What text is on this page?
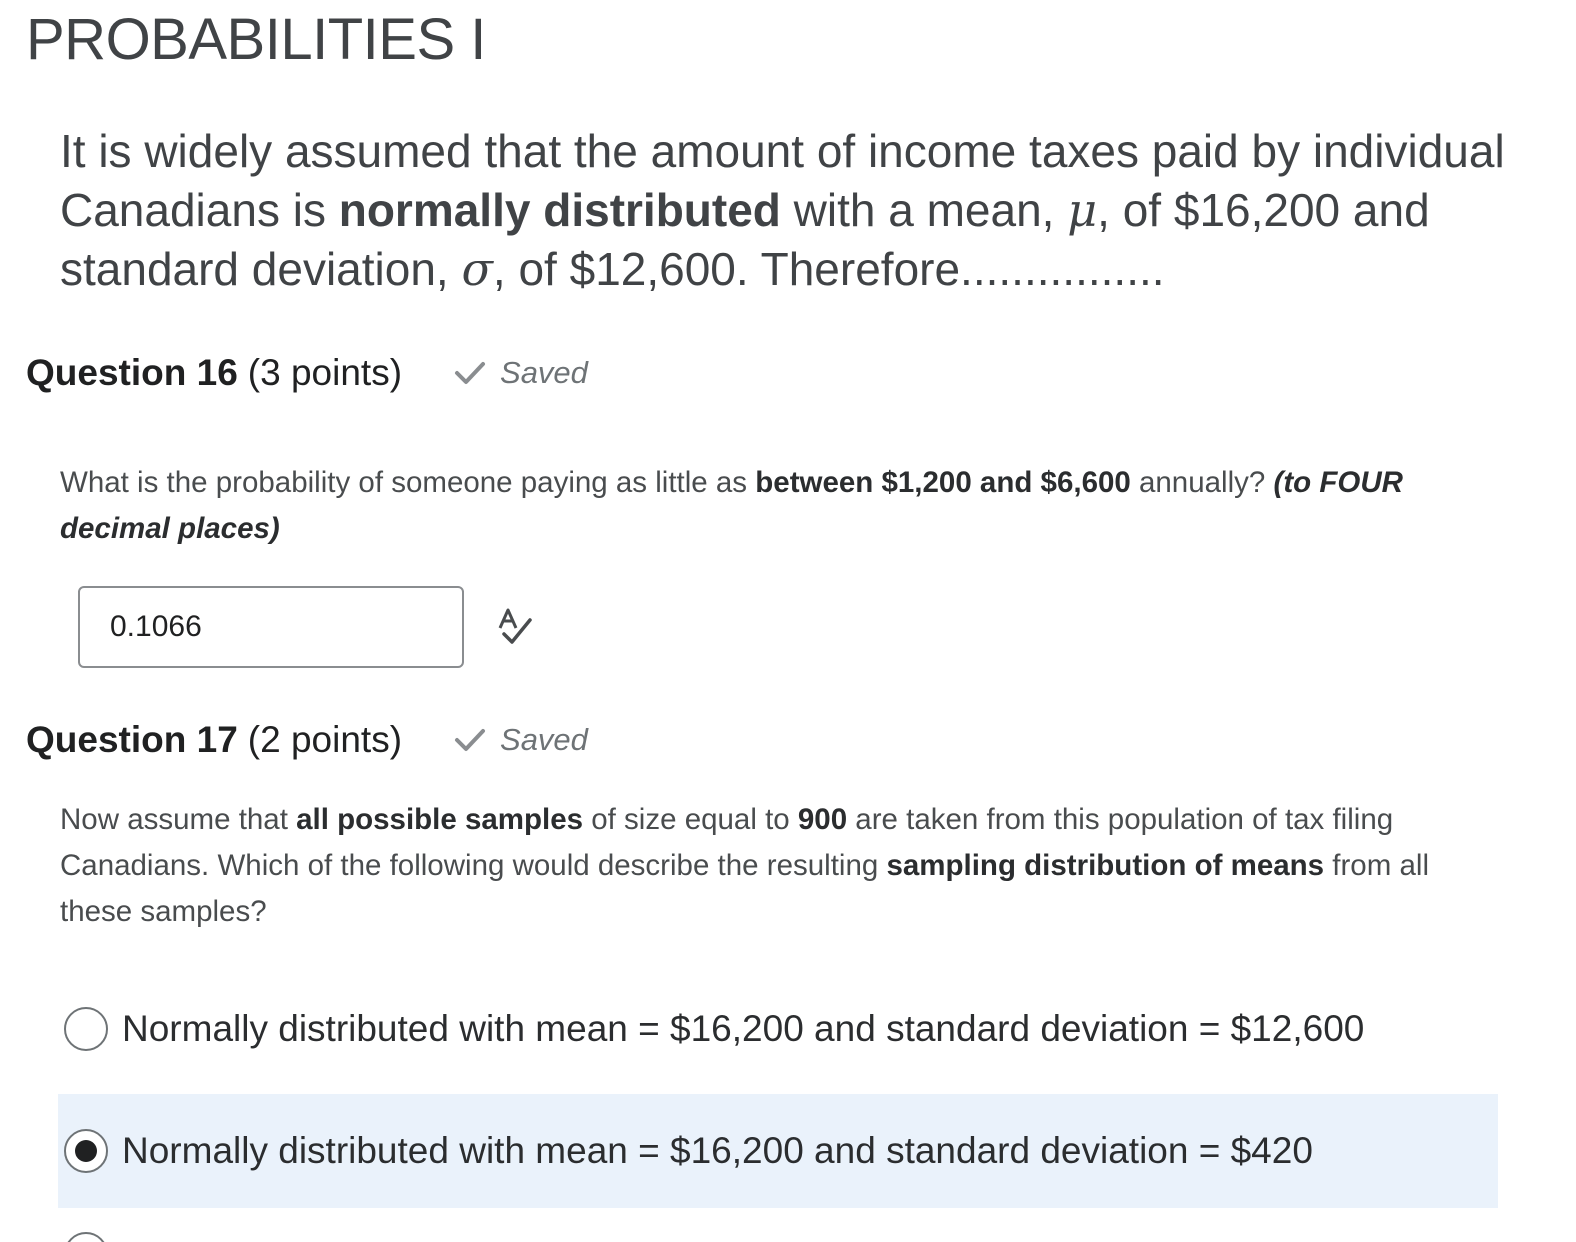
PROBABILITIES I

It is widely assumed that the amount of income taxes paid by individual Canadians is normally distributed with a mean, μ, of $16,200 and standard deviation, σ, of $12,600. Therefore................

Question 16 (3 points)	Saved

What is the probability of someone paying as little as between $1,200 and $6,600 annually? (to FOUR decimal places)

0.1066
Question 17 (2 points)	Saved

Now assume that all possible samples of size equal to 900 are taken from this population of tax filing Canadians. Which of the following would describe the resulting sampling distribution of means from all these samples?

Normally distributed with mean = $16,200 and standard deviation = $12,600
Normally distributed with mean = $16,200 and standard deviation = $420
